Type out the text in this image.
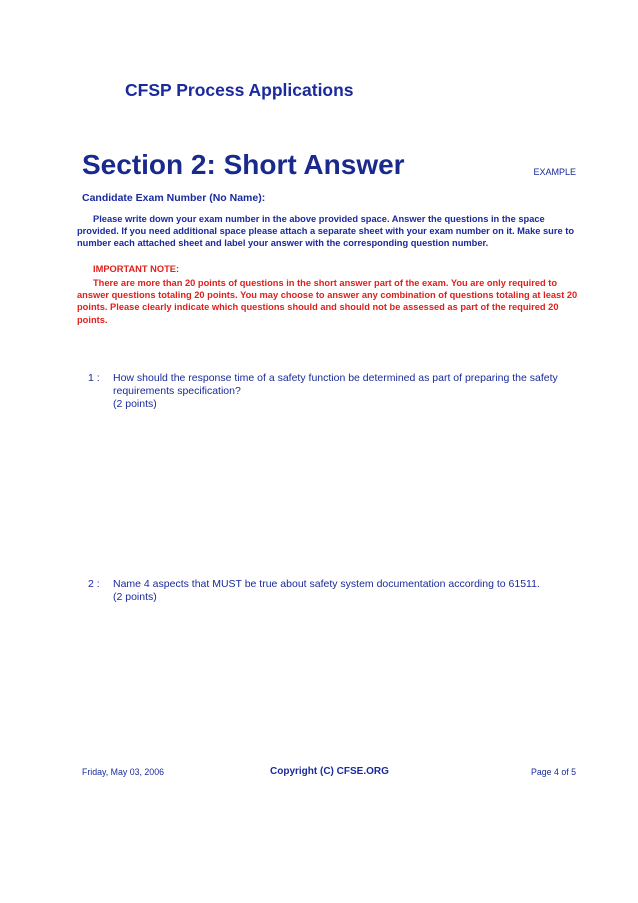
CFSP Process Applications
Section 2: Short Answer	EXAMPLE
Candidate Exam Number (No Name):

Please write down your exam number in the above provided space. Answer the questions in the space provided. If you need additional space please attach a separate sheet with your exam number on it. Make sure to number each attached sheet and label your answer with the corresponding question number.

IMPORTANT NOTE:

There are more than 20 points of questions in the short answer part of the exam. You are only required to answer questions totaling 20 points. You may choose to answer any combination of questions totaling at least 20 points. Please clearly indicate which questions should and should not be assessed as part of the required 20 points.

1 :	How should the response time of a safety function be determined as part of preparing the safety requirements specification?
(2 points)
2 :	Name 4 aspects that MUST be true about safety system documentation according to 61511.
(2 points)
Friday, May 03, 2006	Copyright (C) CFSE.ORG	Page 4 of 5
